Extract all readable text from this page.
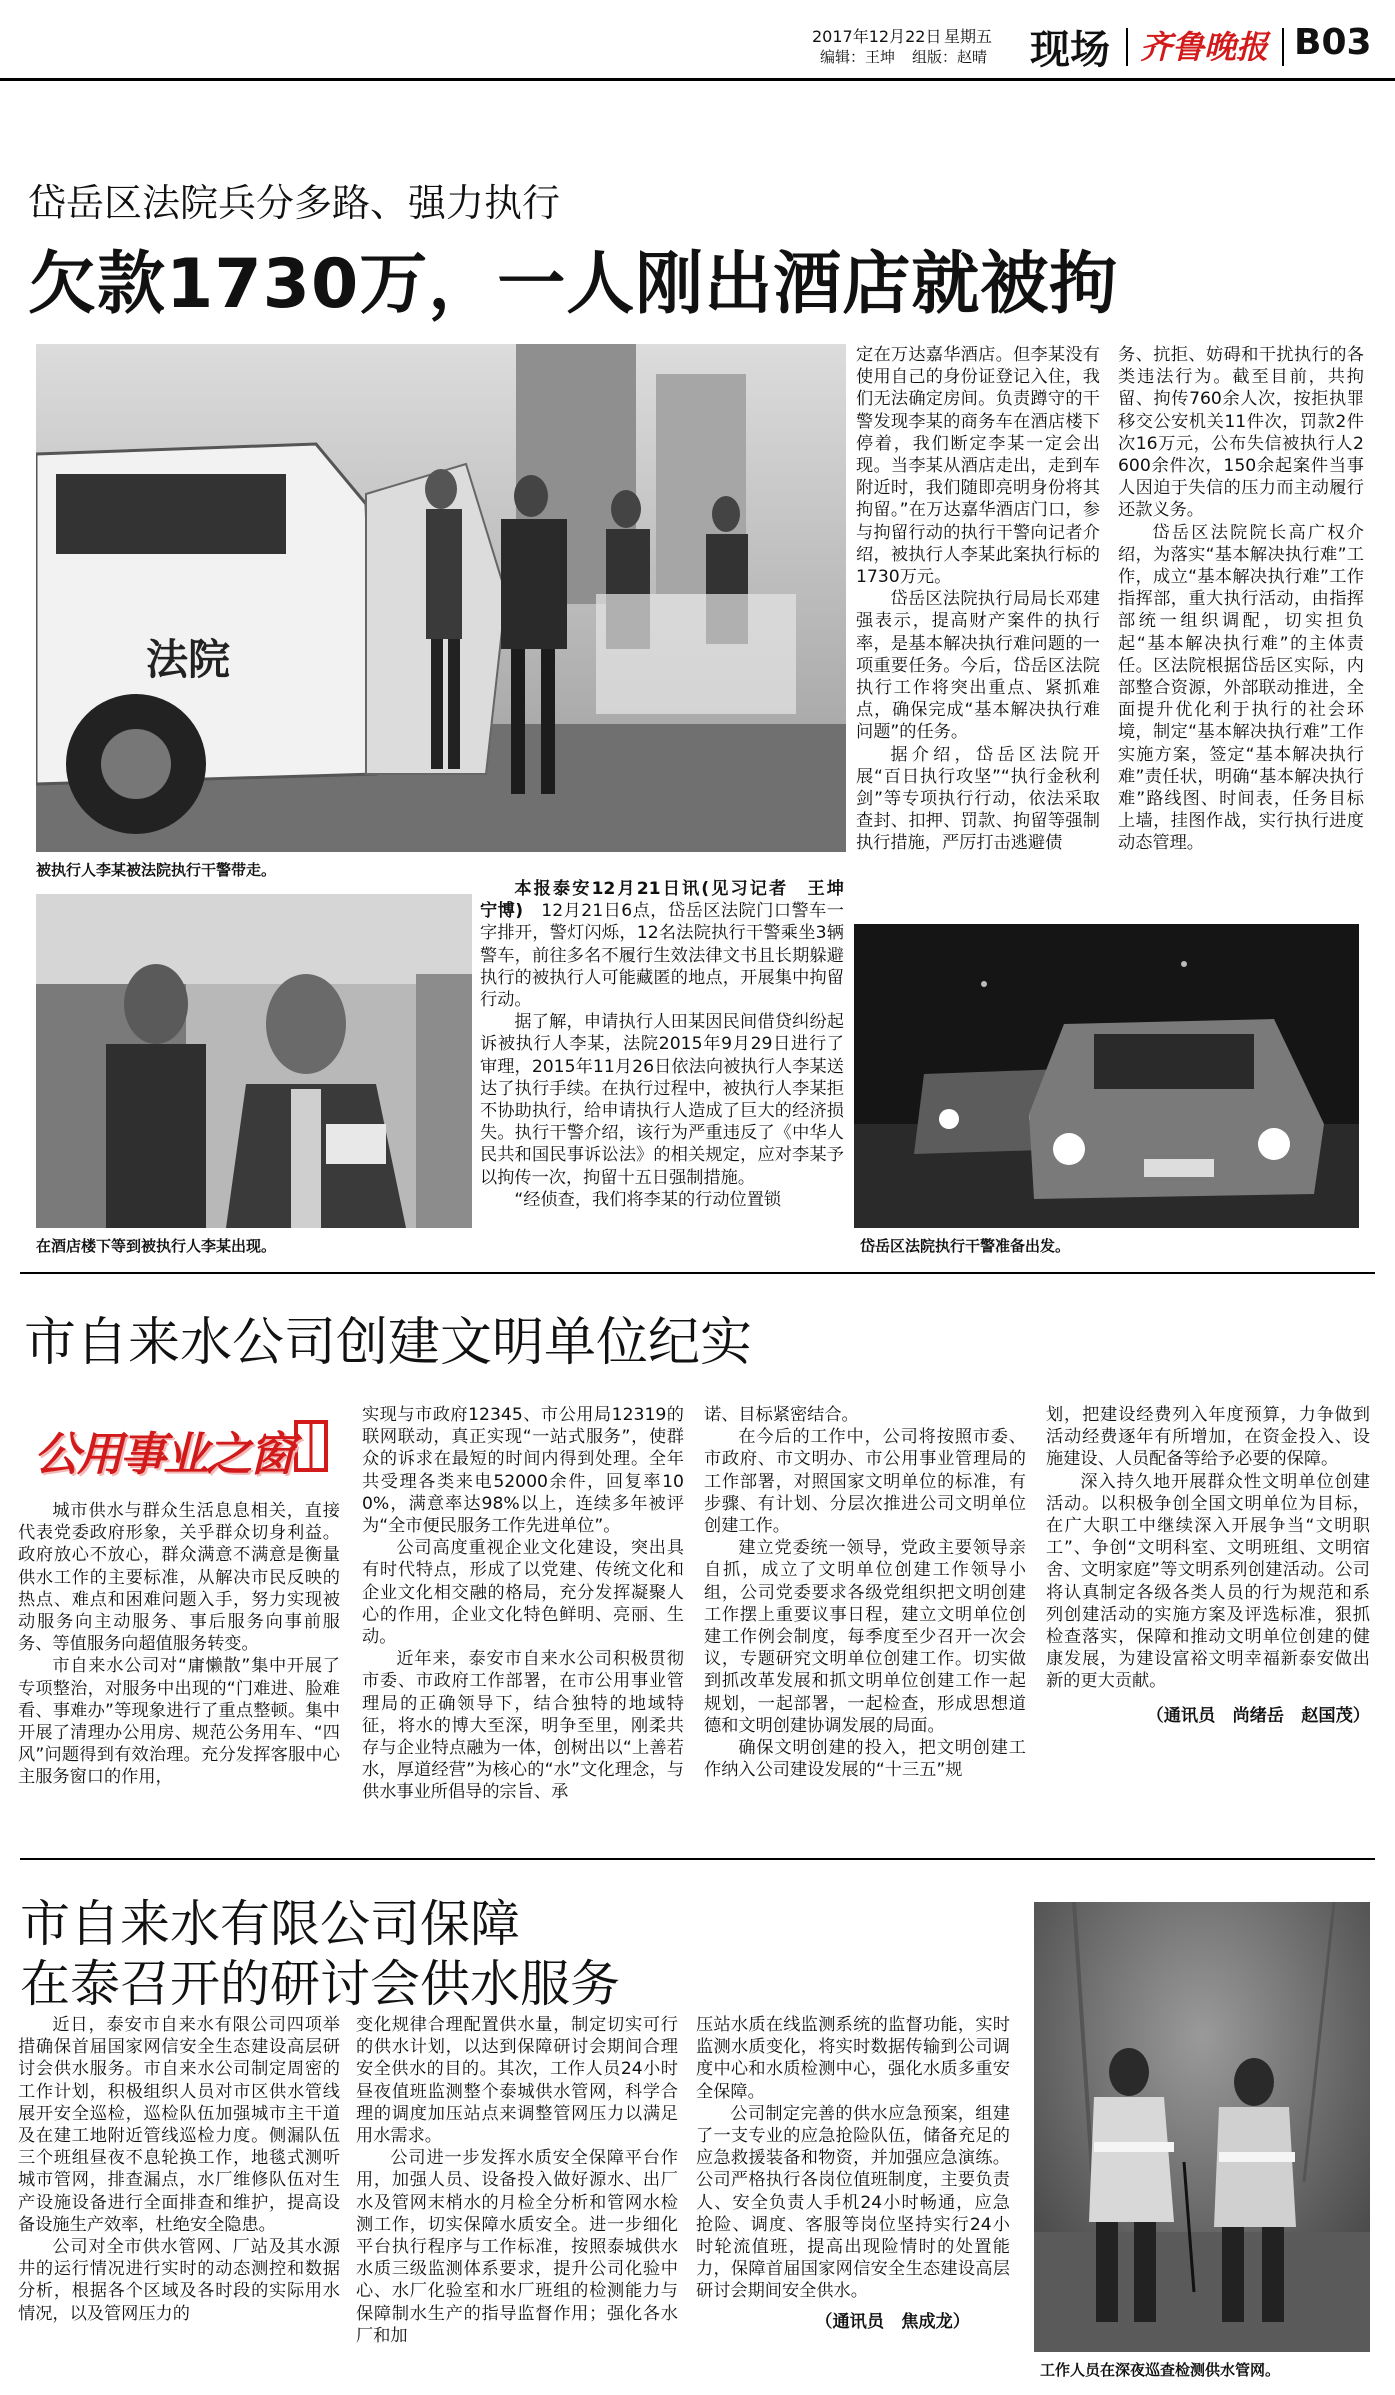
2017年12月22日 星期五
编辑：王坤 组版：赵晴 现场 齐鲁晚报 B03
岱岳区法院兵分多路、强力执行
欠款1730万，一人刚出酒店就被拘
法院
被执行人李某被法院执行干警带走。
在酒店楼下等到被执行人李某出现。	岱岳区法院执行干警准备出发。

定在万达嘉华酒店。但李某没有使用自己的身份证登记入住，我们无法确定房间。负责蹲守的干警发现李某的商务车在酒店楼下停着，我们断定李某一定会出现。当李某从酒店走出，走到车附近时，我们随即亮明身份将其拘留。”在万达嘉华酒店门口，参与拘留行动的执行干警向记者介绍，被执行人李某此案执行标的1730万元。

岱岳区法院执行局局长邓建强表示，提高财产案件的执行率，是基本解决执行难问题的一项重要任务。今后，岱岳区法院执行工作将突出重点、紧抓难点，确保完成“基本解决执行难问题”的任务。

据介绍，岱岳区法院开展“百日执行攻坚”“执行金秋利剑”等专项执行行动，依法采取查封、扣押、罚款、拘留等强制执行措施，严厉打击逃避债

务、抗拒、妨碍和干扰执行的各类违法行为。截至目前，共拘留、拘传760余人次，按拒执罪移交公安机关11件次，罚款2件次16万元，公布失信被执行人2600余件次，150余起案件当事人因迫于失信的压力而主动履行还款义务。

岱岳区法院院长高广权介绍，为落实“基本解决执行难”工作，成立“基本解决执行难”工作指挥部，重大执行活动，由指挥部统一组织调配，切实担负起“基本解决执行难”的主体责任。区法院根据岱岳区实际，内部整合资源，外部联动推进，全面提升优化利于执行的社会环境，制定“基本解决执行难”工作实施方案，签定“基本解决执行难”责任状，明确“基本解决执行难”路线图、时间表，任务目标上墙，挂图作战，实行执行进度动态管理。

本报泰安12月21日讯(见习记者　王坤　宁博)　 12月21日6点，岱岳区法院门口警车一字排开，警灯闪烁，12名法院执行干警乘坐3辆警车，前往多名不履行生效法律文书且长期躲避执行的被执行人可能藏匿的地点，开展集中拘留行动。

据了解，申请执行人田某因民间借贷纠纷起诉被执行人李某，法院2015年9月29日进行了审理，2015年11月26日依法向被执行人李某送达了执行手续。在执行过程中，被执行人李某拒不协助执行，给申请执行人造成了巨大的经济损失。执行干警介绍，该行为严重违反了《中华人民共和国民事诉讼法》的相关规定，应对李某予以拘传一次，拘留十五日强制措施。

“经侦查，我们将李某的行动位置锁

市自来水公司创建文明单位纪实
公用事业之窗

城市供水与群众生活息息相关，直接代表党委政府形象，关乎群众切身利益。政府放心不放心，群众满意不满意是衡量供水工作的主要标准，从解决市民反映的热点、难点和困难问题入手，努力实现被动服务向主动服务、事后服务向事前服务、等值服务向超值服务转变。

市自来水公司对“庸懒散”集中开展了专项整治，对服务中出现的“门难进、脸难看、事难办”等现象进行了重点整顿。集中开展了清理办公用房、规范公务用车、“四风”问题得到有效治理。充分发挥客服中心主服务窗口的作用，

实现与市政府12345、市公用局12319的联网联动，真正实现“一站式服务”，使群众的诉求在最短的时间内得到处理。全年共受理各类来电52000余件，回复率100%，满意率达98%以上，连续多年被评为“全市便民服务工作先进单位”。

公司高度重视企业文化建设，突出具有时代特点，形成了以党建、传统文化和企业文化相交融的格局，充分发挥凝聚人心的作用，企业文化特色鲜明、亮丽、生动。

近年来，泰安市自来水公司积极贯彻市委、市政府工作部署，在市公用事业管理局的正确领导下，结合独特的地域特征，将水的博大至深，明争至里，刚柔共存与企业特点融为一体，创树出以“上善若水，厚道经营”为核心的“水”文化理念，与供水事业所倡导的宗旨、承

诺、目标紧密结合。

在今后的工作中，公司将按照市委、市政府、市文明办、市公用事业管理局的工作部署，对照国家文明单位的标准，有步骤、有计划、分层次推进公司文明单位创建工作。

建立党委统一领导，党政主要领导亲自抓，成立了文明单位创建工作领导小组，公司党委要求各级党组织把文明创建工作摆上重要议事日程，建立文明单位创建工作例会制度，每季度至少召开一次会议，专题研究文明单位创建工作。切实做到抓改革发展和抓文明单位创建工作一起规划，一起部署，一起检查，形成思想道德和文明创建协调发展的局面。

确保文明创建的投入，把文明创建工作纳入公司建设发展的“十三五”规

划，把建设经费列入年度预算，力争做到活动经费逐年有所增加，在资金投入、设施建设、人员配备等给予必要的保障。

深入持久地开展群众性文明单位创建活动。以积极争创全国文明单位为目标，在广大职工中继续深入开展争当“文明职工”、争创“文明科室、文明班组、文明宿舍、文明家庭”等文明系列创建活动。公司将认真制定各级各类人员的行为规范和系列创建活动的实施方案及评选标准，狠抓检查落实，保障和推动文明单位创建的健康发展，为建设富裕文明幸福新泰安做出新的更大贡献。

（通讯员　尚绪岳　赵国茂）

市自来水有限公司保障
在泰召开的研讨会供水服务

近日，泰安市自来水有限公司四项举措确保首届国家网信安全生态建设高层研讨会供水服务。市自来水公司制定周密的工作计划，积极组织人员对市区供水管线展开安全巡检，巡检队伍加强城市主干道及在建工地附近管线巡检力度。侧漏队伍三个班组昼夜不息轮换工作，地毯式测听城市管网，排查漏点，水厂维修队伍对生产设施设备进行全面排查和维护，提高设备设施生产效率，杜绝安全隐患。

公司对全市供水管网、厂站及其水源井的运行情况进行实时的动态测控和数据分析，根据各个区域及各时段的实际用水情况，以及管网压力的

变化规律合理配置供水量，制定切实可行的供水计划，以达到保障研讨会期间合理安全供水的目的。其次，工作人员24小时昼夜值班监测整个泰城供水管网，科学合理的调度加压站点来调整管网压力以满足用水需求。

公司进一步发挥水质安全保障平台作用，加强人员、设备投入做好源水、出厂水及管网末梢水的月检全分析和管网水检测工作，切实保障水质安全。进一步细化平台执行程序与工作标准，按照泰城供水水质三级监测体系要求，提升公司化验中心、水厂化验室和水厂班组的检测能力与保障制水生产的指导监督作用；强化各水厂和加

压站水质在线监测系统的监督功能，实时监测水质变化，将实时数据传输到公司调度中心和水质检测中心，强化水质多重安全保障。

公司制定完善的供水应急预案，组建了一支专业的应急抢险队伍，储备充足的应急救援装备和物资，并加强应急演练。公司严格执行各岗位值班制度，主要负责人、安全负责人手机24小时畅通，应急抢险、调度、客服等岗位坚持实行24小时轮流值班，提高出现险情时的处置能力，保障首届国家网信安全生态建设高层研讨会期间安全供水。

（通讯员　焦成龙）

工作人员在深夜巡查检测供水管网。
